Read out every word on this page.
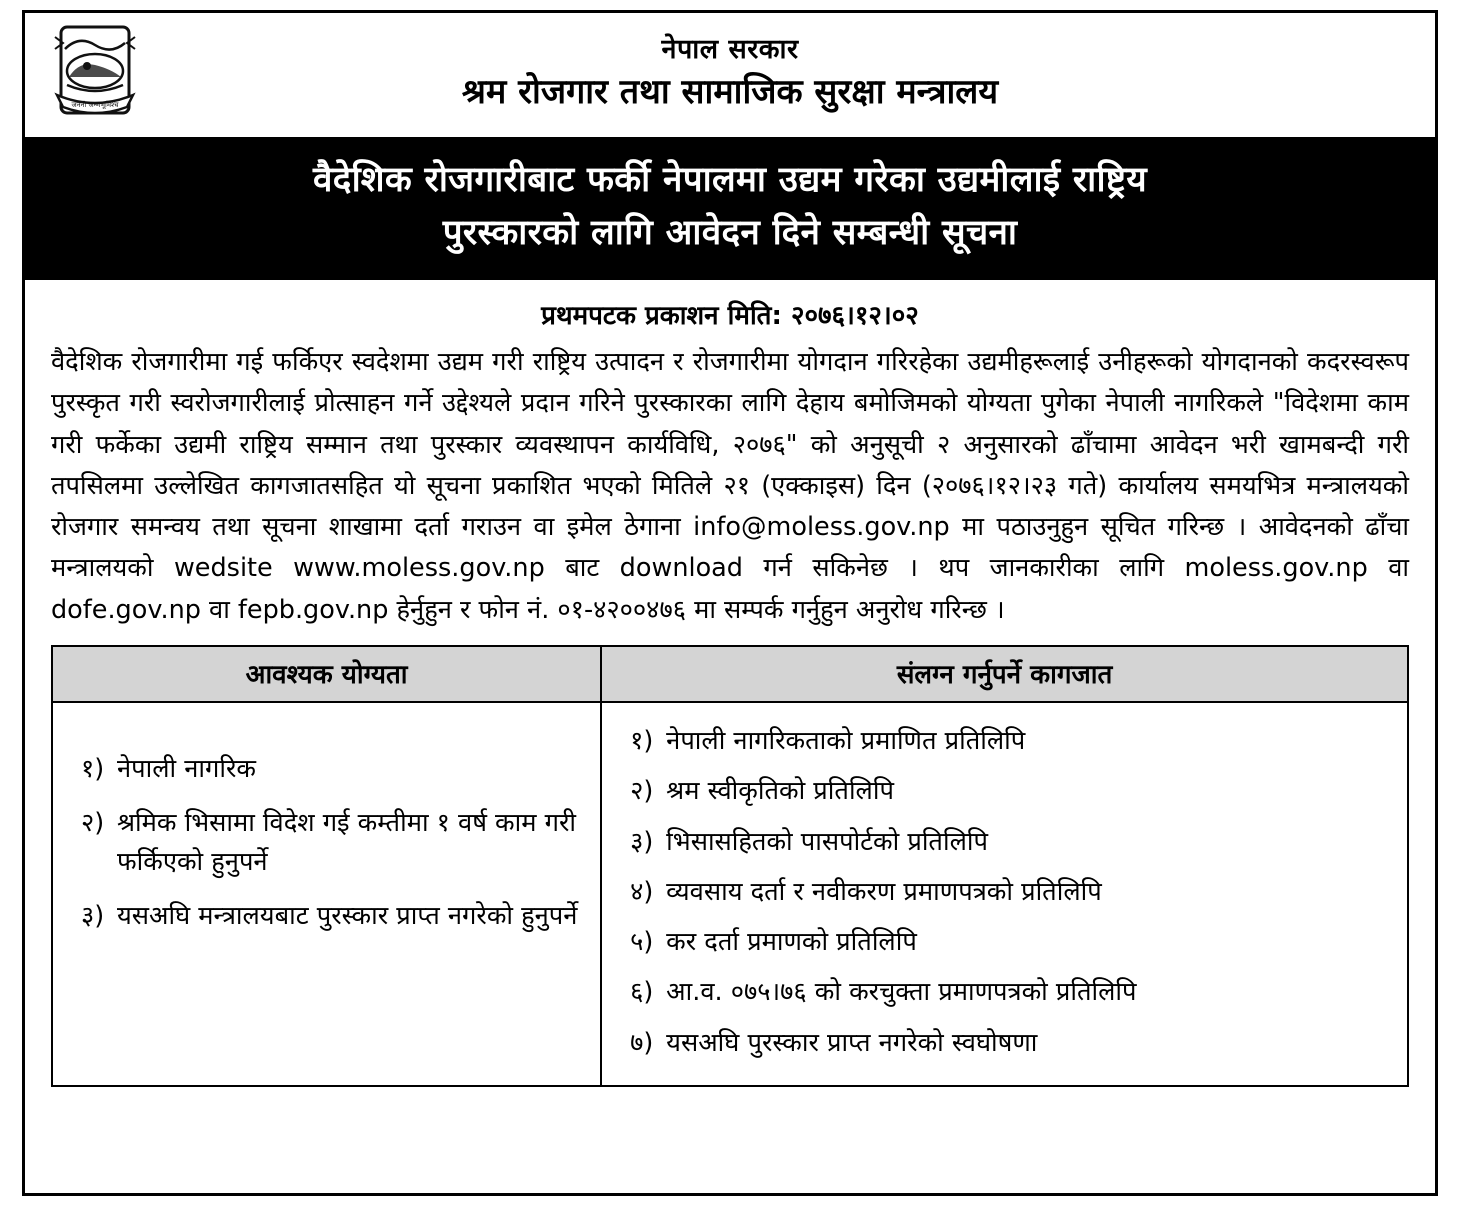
जननी जन्मभूमिश्च
नेपाल सरकार
श्रम रोजगार तथा सामाजिक सुरक्षा मन्त्रालय
वैदेशिक रोजगारीबाट फर्की नेपालमा उद्यम गरेका उद्यमीलाई राष्ट्रिय
पुरस्कारको लागि आवेदन दिने सम्बन्धी सूचना
प्रथमपटक प्रकाशन मिति: २०७६।१२।०२
वैदेशिक रोजगारीमा गई फर्किएर स्वदेशमा उद्यम गरी राष्ट्रिय उत्पादन र रोजगारीमा योगदान गरिरहेका उद्यमीहरूलाई उनीहरूको योगदानको कदरस्वरूप पुरस्कृत गरी स्वरोजगारीलाई प्रोत्साहन गर्ने उद्देश्यले प्रदान गरिने पुरस्कारका लागि देहाय बमोजिमको योग्यता पुगेका नेपाली नागरिकले "विदेशमा काम गरी फर्केका उद्यमी राष्ट्रिय सम्मान तथा पुरस्कार व्यवस्थापन कार्यविधि, २०७६" को अनुसूची २ अनुसारको ढाँचामा आवेदन भरी खामबन्दी गरी तपसिलमा उल्लेखित कागजातसहित यो सूचना प्रकाशित भएको मितिले २१ (एक्काइस) दिन (२०७६।१२।२३ गते) कार्यालय समयभित्र मन्त्रालयको रोजगार समन्वय तथा सूचना शाखामा दर्ता गराउन वा इमेल ठेगाना info@moless.gov.np मा पठाउनुहुन सूचित गरिन्छ । आवेदनको ढाँचा मन्त्रालयको wedsite www.moless.gov.np बाट download गर्न सकिनेछ । थप जानकारीका लागि moless.gov.np वा dofe.gov.np वा fepb.gov.np हेर्नुहुन र फोन नं. ०१-४२००४७६ मा सम्पर्क गर्नुहुन अनुरोध गरिन्छ ।
आवश्यक योग्यता	संलग्न गर्नुपर्ने कागजात

१) नेपाली नागरिक
२) श्रमिक भिसामा विदेश गई कम्तीमा १ वर्ष काम गरी फर्किएको हुनुपर्ने
३) यसअघि मन्त्रालयबाट पुरस्कार प्राप्त नगरेको हुनुपर्ने

१) नेपाली नागरिकताको प्रमाणित प्रतिलिपि
२) श्रम स्वीकृतिको प्रतिलिपि
३) भिसासहितको पासपोर्टको प्रतिलिपि
४) व्यवसाय दर्ता र नवीकरण प्रमाणपत्रको प्रतिलिपि
५) कर दर्ता प्रमाणको प्रतिलिपि
६) आ.व. ०७५।७६ को करचुक्ता प्रमाणपत्रको प्रतिलिपि
७) यसअघि पुरस्कार प्राप्त नगरेको स्वघोषणा
